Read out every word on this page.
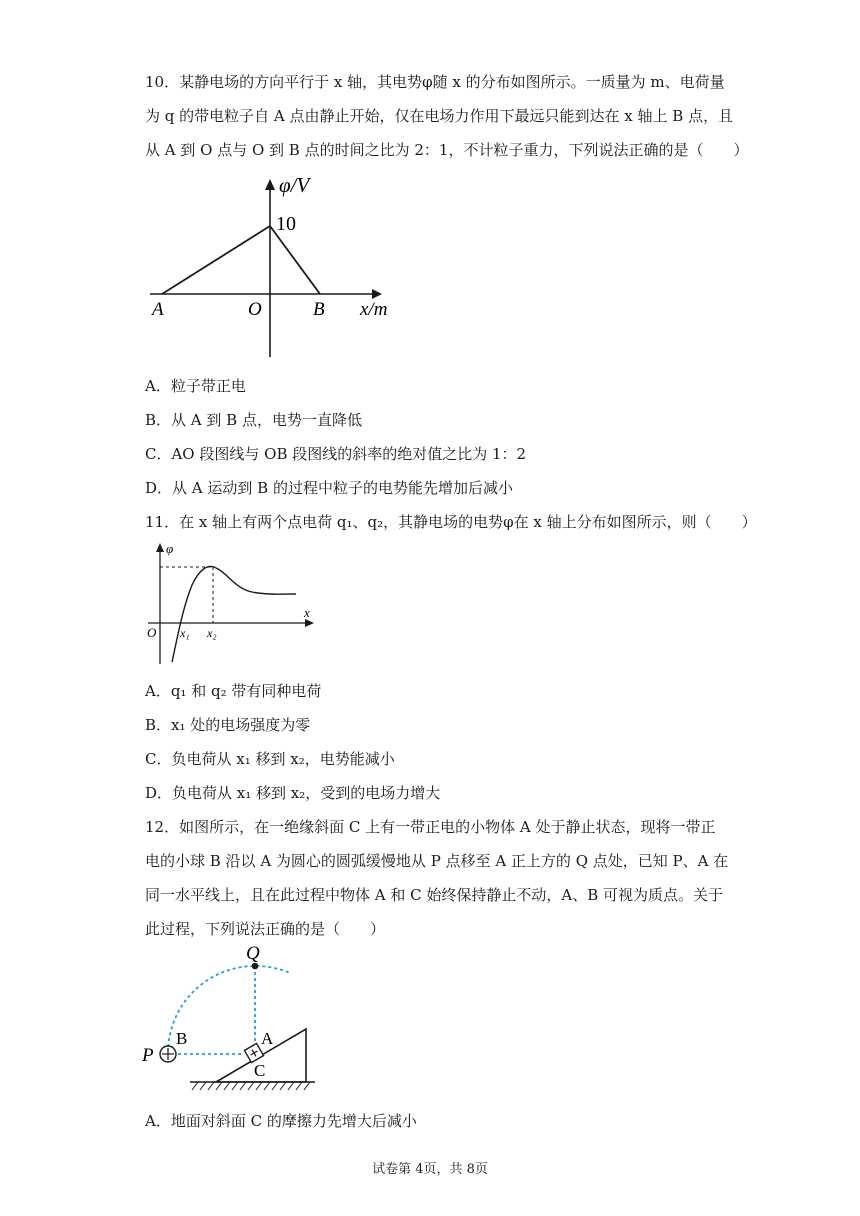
10．某静电场的方向平行于 x 轴，其电势φ随 x 的分布如图所示。一质量为 m、电荷量
为 q 的带电粒子自 A 点由静止开始，仅在电场力作用下最远只能到达在 x 轴上 B 点，且
从 A 到 O 点与 O 到 B 点的时间之比为 2：1，不计粒子重力，下列说法正确的是（　　）
φ/V
10
A	O	B x/m
A．粒子带正电
B．从 A 到 B 点，电势一直降低
C．AO 段图线与 OB 段图线的斜率的绝对值之比为 1：2
D．从 A 运动到 B 的过程中粒子的电势能先增加后减小
11．在 x 轴上有两个点电荷 q₁、q₂，其静电场的电势φ在 x 轴上分布如图所示，则（　　）
φ
x
O x₁ x₂
A．q₁ 和 q₂ 带有同种电荷
B．x₁ 处的电场强度为零
C．负电荷从 x₁ 移到 x₂，电势能减小
D．负电荷从 x₁ 移到 x₂，受到的电场力增大
12．如图所示，在一绝缘斜面 C 上有一带正电的小物体 A 处于静止状态，现将一带正
电的小球 B 沿以 A 为圆心的圆弧缓慢地从 P 点移至 A 正上方的 Q 点处，已知 P、A 在
同一水平线上，且在此过程中物体 A 和 C 始终保持静止不动，A、B 可视为质点。关于
此过程，下列说法正确的是（　　）
Q
P
B	A
C
A．地面对斜面 C 的摩擦力先增大后减小
试卷第 4页，共 8页
